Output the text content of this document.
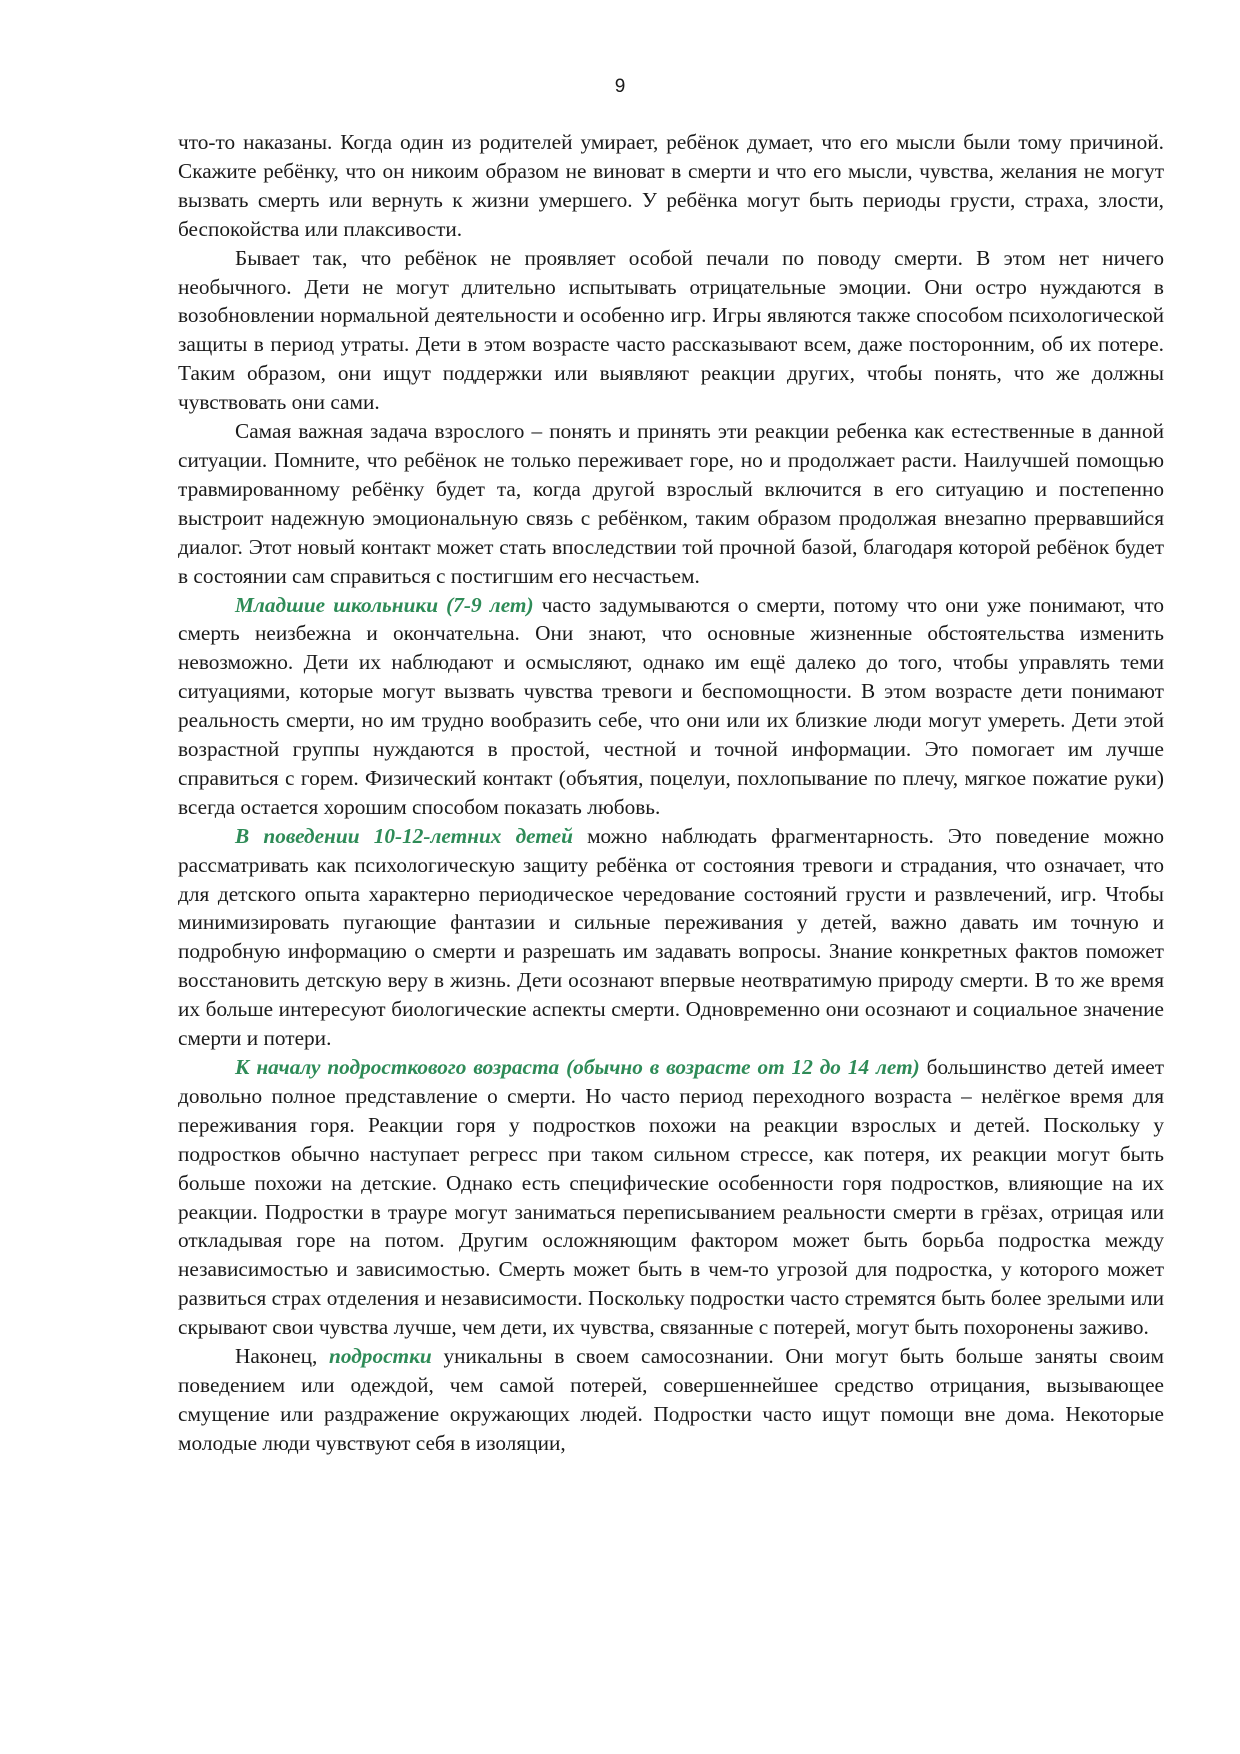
9

что-то наказаны. Когда один из родителей умирает, ребёнок думает, что его мысли были тому причиной. Скажите ребёнку, что он никоим образом не виноват в смерти и что его мысли, чувства, желания не могут вызвать смерть или вернуть к жизни умершего. У ребёнка могут быть периоды грусти, страха, злости, беспокойства или плаксивости.

Бывает так, что ребёнок не проявляет особой печали по поводу смерти. В этом нет ничего необычного. Дети не могут длительно испытывать отрицательные эмоции. Они остро нуждаются в возобновлении нормальной деятельности и особенно игр. Игры являются также способом психологической защиты в период утраты. Дети в этом возрасте часто рассказывают всем, даже посторонним, об их потере. Таким образом, они ищут поддержки или выявляют реакции других, чтобы понять, что же должны чувствовать они сами.

Самая важная задача взрослого – понять и принять эти реакции ребенка как естественные в данной ситуации. Помните, что ребёнок не только переживает горе, но и продолжает расти. Наилучшей помощью травмированному ребёнку будет та, когда другой взрослый включится в его ситуацию и постепенно выстроит надежную эмоциональную связь с ребёнком, таким образом продолжая внезапно прервавшийся диалог. Этот новый контакт может стать впоследствии той прочной базой, благодаря которой ребёнок будет в состоянии сам справиться с постигшим его несчастьем.

Младшие школьники (7-9 лет) часто задумываются о смерти, потому что они уже понимают, что смерть неизбежна и окончательна. Они знают, что основные жизненные обстоятельства изменить невозможно. Дети их наблюдают и осмысляют, однако им ещё далеко до того, чтобы управлять теми ситуациями, которые могут вызвать чувства тревоги и беспомощности. В этом возрасте дети понимают реальность смерти, но им трудно вообразить себе, что они или их близкие люди могут умереть. Дети этой возрастной группы нуждаются в простой, честной и точной информации. Это помогает им лучше справиться с горем. Физический контакт (объятия, поцелуи, похлопывание по плечу, мягкое пожатие руки) всегда остается хорошим способом показать любовь.

В поведении 10-12-летних детей можно наблюдать фрагментарность. Это поведение можно рассматривать как психологическую защиту ребёнка от состояния тревоги и страдания, что означает, что для детского опыта характерно периодическое чередование состояний грусти и развлечений, игр. Чтобы минимизировать пугающие фантазии и сильные переживания у детей, важно давать им точную и подробную информацию о смерти и разрешать им задавать вопросы. Знание конкретных фактов поможет восстановить детскую веру в жизнь. Дети осознают впервые неотвратимую природу смерти. В то же время их больше интересуют биологические аспекты смерти. Одновременно они осознают и социальное значение смерти и потери.

К началу подросткового возраста (обычно в возрасте от 12 до 14 лет) большинство детей имеет довольно полное представление о смерти. Но часто период переходного возраста – нелёгкое время для переживания горя. Реакции горя у подростков похожи на реакции взрослых и детей. Поскольку у подростков обычно наступает регресс при таком сильном стрессе, как потеря, их реакции могут быть больше похожи на детские. Однако есть специфические особенности горя подростков, влияющие на их реакции. Подростки в трауре могут заниматься переписыванием реальности смерти в грёзах, отрицая или откладывая горе на потом. Другим осложняющим фактором может быть борьба подростка между независимостью и зависимостью. Смерть может быть в чем-то угрозой для подростка, у которого может развиться страх отделения и независимости. Поскольку подростки часто стремятся быть более зрелыми или скрывают свои чувства лучше, чем дети, их чувства, связанные с потерей, могут быть похоронены заживо.

Наконец, подростки уникальны в своем самосознании. Они могут быть больше заняты своим поведением или одеждой, чем самой потерей, совершеннейшее средство отрицания, вызывающее смущение или раздражение окружающих людей. Подростки часто ищут помощи вне дома. Некоторые молодые люди чувствуют себя в изоляции,
